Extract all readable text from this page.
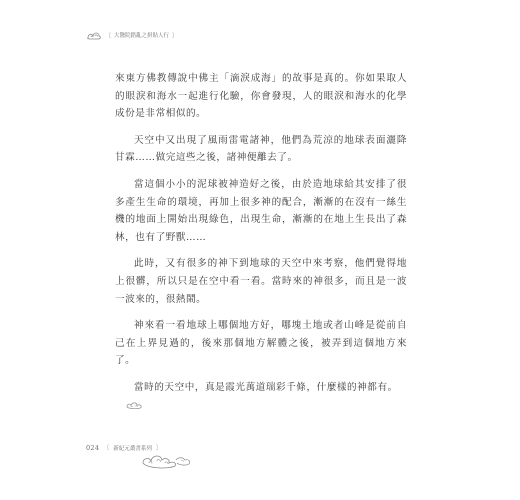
〔 大醫院錯亂之拼貼人行 〕

來東方佛教傳說中佛主「滴淚成海」的故事是真的。你如果取人的眼淚和海水一起進行化驗，你會發現，人的眼淚和海水的化學成份是非常相似的。

天空中又出現了風雨雷電諸神，他們為荒涼的地球表面灑降甘霖……做完這些之後，諸神便離去了。

當這個小小的泥球被神造好之後，由於造地球給其安排了很多產生生命的環境，再加上很多神的配合，漸漸的在沒有一絲生機的地面上開始出現綠色，出現生命，漸漸的在地上生長出了森林，也有了野獸……

此時，又有很多的神下到地球的天空中來考察，他們覺得地上很髒，所以只是在空中看一看。當時來的神很多，而且是一波一波來的，很熱鬧。

神來看一看地球上哪個地方好，哪塊土地或者山峰是從前自己在上界見過的，後來那個地方解體之後，被弄到這個地方來了。

當時的天空中，真是霞光萬道瑞彩千條，什麼樣的神都有。

024 〔 新紀元叢書系列 〕
